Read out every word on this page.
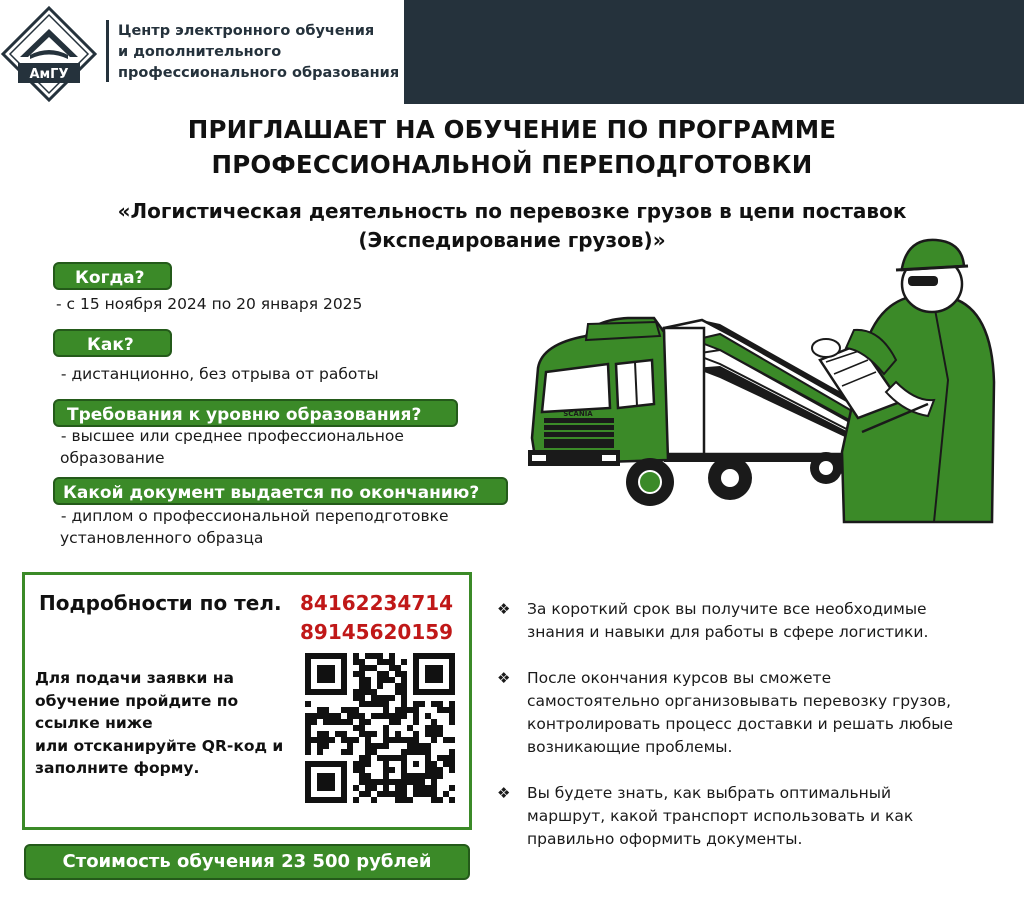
АмГУ
Центр электронного обучения
и дополнительного
профессионального образования
ПРИГЛАШАЕТ НА ОБУЧЕНИЕ ПО ПРОГРАММЕ
ПРОФЕССИОНАЛЬНОЙ ПЕРЕПОДГОТОВКИ
«Логистическая деятельность по перевозке грузов в цепи поставок
(Экспедирование грузов)»
Когда?
- с 15 ноября 2024 по 20 января 2025
Как?
- дистанционно, без отрыва от работы
Требования к уровню образования?
- высшее или среднее профессиональное
образование
Какой документ выдается по окончанию?
- диплом о профессиональной переподготовке
установленного образца
SCANIA
Подробности по тел. 84162234714
89145620159
Для подачи заявки на
обучение пройдите по
ссылке ниже
или отсканируйте QR-код и
заполните форму.
Стоимость обучения 23 500 рублей
❖	За короткий срок вы получите все необходимые
знания и навыки для работы в сфере логистики.
❖	После окончания курсов вы сможете
самостоятельно организовывать перевозку грузов,
контролировать процесс доставки и решать любые
возникающие проблемы.
❖	Вы будете знать, как выбрать оптимальный
маршрут, какой транспорт использовать и как
правильно оформить документы.
